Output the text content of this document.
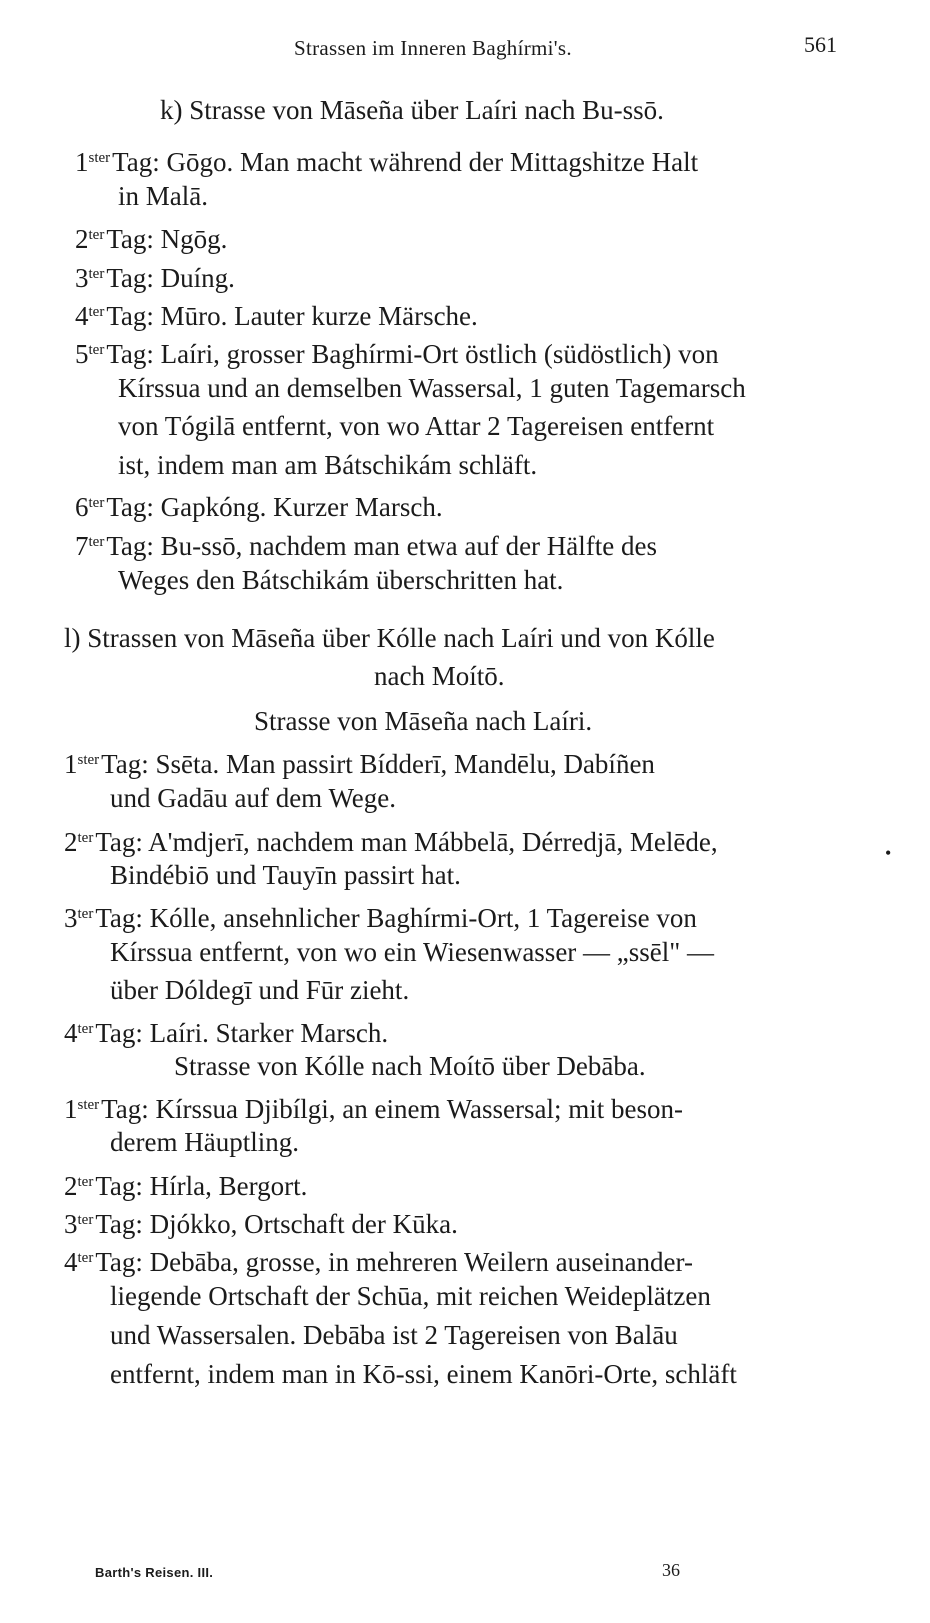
Strassen im Inneren Baghírmi's.	561
•
k) Strasse von Māseña über Laíri nach Bu-ssō.
$1^{ster}Tag$: Gōgo. Man macht während der Mittagshitze Halt
in Malā.
$2^{ter}Tag$: Ngōg.
$3^{ter}Tag$: Duíng.
$4^{ter}Tag$: Mūro. Lauter kurze Märsche.
$5^{ter}Tag$: Laíri, grosser Baghírmi-Ort östlich (südöstlich) von
Kírssua und an demselben Wassersal, 1 guten Tagemarsch
von Tógilā entfernt, von wo Attar 2 Tagereisen entfernt
ist, indem man am Bátschikám schläft.
$6^{ter}Tag$: Gapkóng. Kurzer Marsch.
$7^{ter}Tag$: Bu-ssō, nachdem man etwa auf der Hälfte des
Weges den Bátschikám überschritten hat.
l) Strassen von Māseña über Kólle nach Laíri und von Kólle
nach Moítō.
Strasse von Māseña nach Laíri.
$1^{ster}Tag$: Ssēta. Man passirt Bídderī, Mandēlu, Dabíñen
und Gadāu auf dem Wege.
$2^{ter}Tag$: A'mdjerī, nachdem man Mábbelā, Dérredjā, Melēde,
Bindébiō und Tauyīn passirt hat.
$3^{ter}Tag$: Kólle, ansehnlicher Baghírmi-Ort, 1 Tagereise von
Kírssua entfernt, von wo ein Wiesenwasser — „ssēl" —
über Dóldegī und Fūr zieht.
$4^{ter}Tag$: Laíri. Starker Marsch.
Strasse von Kólle nach Moítō über Debāba.
$1^{ster}Tag$: Kírssua Djibílgi, an einem Wassersal; mit beson-
derem Häuptling.
$2^{ter}Tag$: Hírla, Bergort.
$3^{ter}Tag$: Djókko, Ortschaft der Kūka.
$4^{ter}Tag$: Debāba, grosse, in mehreren Weilern auseinander-
liegende Ortschaft der Schūa, mit reichen Weideplätzen
und Wassersalen. Debāba ist 2 Tagereisen von Balāu
entfernt, indem man in Kō-ssi, einem Kanōri-Orte, schläft
Barth's Reisen. III.	36
